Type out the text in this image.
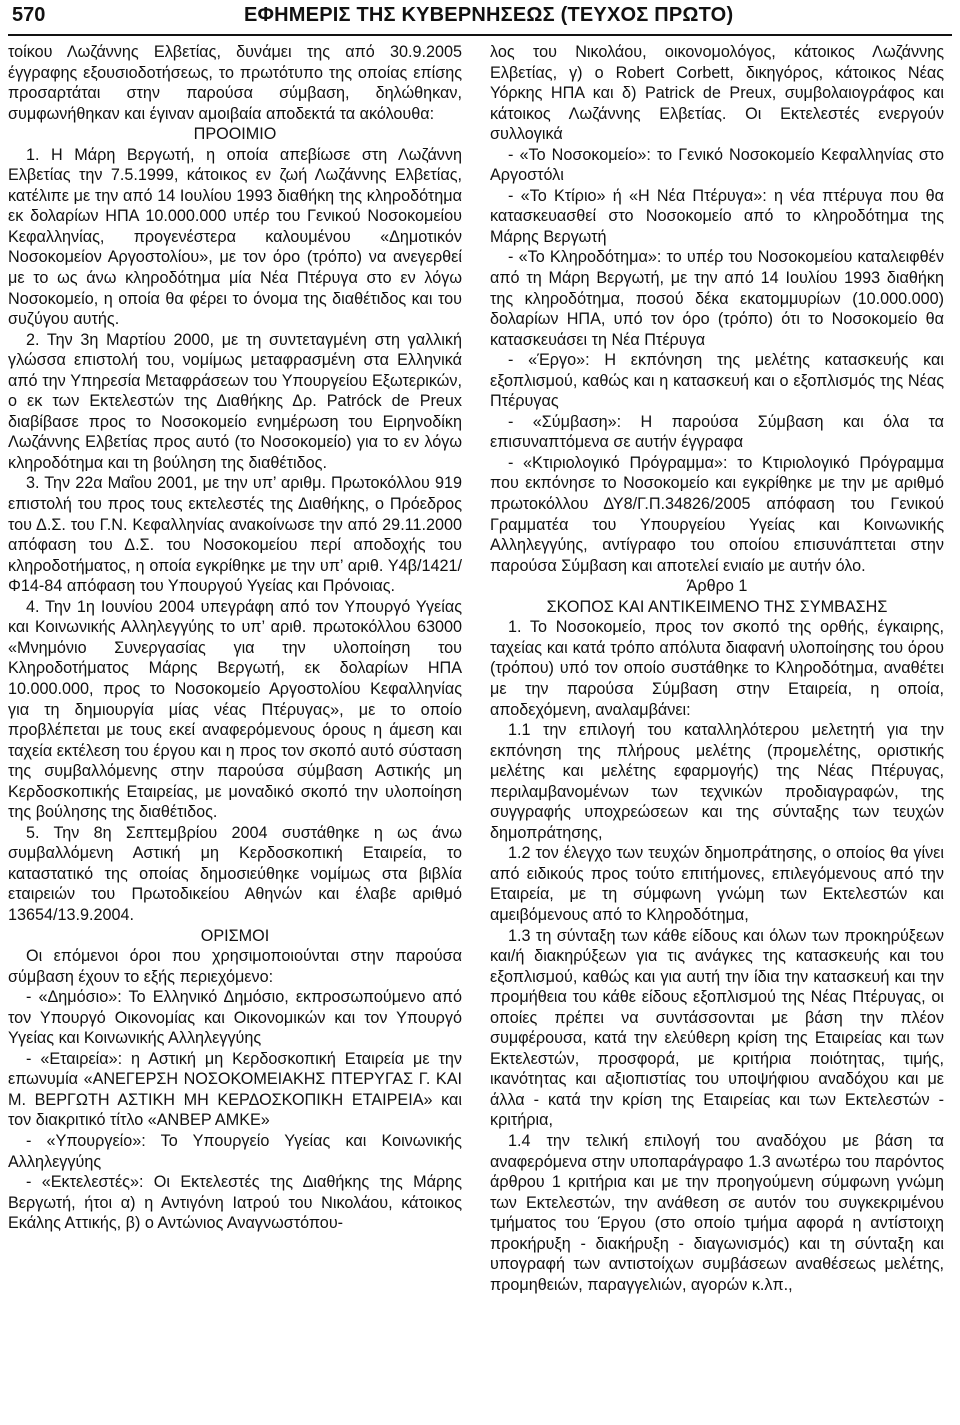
570	ΕΦΗΜΕΡΙΣ ΤΗΣ ΚΥΒΕΡΝΗΣΕΩΣ (ΤΕΥΧΟΣ ΠΡΩΤΟ)

τοίκου Λωζάννης Ελβετίας, δυνάμει της από 30.9.2005 έγγραφης εξουσιοδοτήσεως, το πρωτότυπο της οποίας επίσης προσαρτάται στην παρούσα σύμβαση, δηλώθηκαν, συμφωνήθηκαν και έγιναν αμοιβαία αποδεκτά τα ακόλουθα:

ΠΡΟΟΙΜΙΟ

1. Η Μάρη Βεργωτή, η οποία απεβίωσε στη Λωζάννη Ελβετίας την 7.5.1999, κάτοικος εν ζωή Λωζάννης Ελβετίας, κατέλιπε με την από 14 Ιουλίου 1993 διαθήκη της κληροδότημα εκ δολαρίων ΗΠΑ 10.000.000 υπέρ του Γενικού Νοσοκομείου Κεφαλληνίας, προγενέστερα καλουμένου «Δημοτικόν Νοσοκομείον Αργοστολίου», με τον όρο (τρόπο) να ανεγερθεί με το ως άνω κληροδότημα μία Νέα Πτέρυγα στο εν λόγω Νοσοκομείο, η οποία θα φέρει το όνομα της διαθέτιδος και του συζύγου αυτής.

2. Την 3η Μαρτίου 2000, με τη συντεταγμένη στη γαλλική γλώσσα επιστολή του, νομίμως μεταφρασμένη στα Ελληνικά από την Υπηρεσία Μεταφράσεων του Υπουργείου Εξωτερικών, ο εκ των Εκτελεστών της Διαθήκης Δρ. Patróck de Preux διαβίβασε προς το Νοσοκομείο ενημέρωση του Ειρηνοδίκη Λωζάννης Ελβετίας προς αυτό (το Νοσοκομείο) για το εν λόγω κληροδότημα και τη βούληση της διαθέτιδος.

3. Την 22α Μαΐου 2001, με την υπ’ αριθμ. Πρωτοκόλλου 919 επιστολή του προς τους εκτελεστές της Διαθήκης, ο Πρόεδρος του Δ.Σ. του Γ.Ν. Κεφαλληνίας ανακοίνωσε την από 29.11.2000 απόφαση του Δ.Σ. του Νοσοκομείου περί αποδοχής του κληροδοτήματος, η οποία εγκρίθηκε με την υπ’ αριθ. Υ4β/1421/Φ14-84 απόφαση του Υπουργού Υγείας και Πρόνοιας.

4. Την 1η Ιουνίου 2004 υπεγράφη από τον Υπουργό Υγείας και Κοινωνικής Αλληλεγγύης το υπ’ αριθ. πρωτοκόλλου 63000 «Μνημόνιο Συνεργασίας για την υλοποίηση του Κληροδοτήματος Μάρης Βεργωτή, εκ δολαρίων ΗΠΑ 10.000.000, προς το Νοσοκομείο Αργοστολίου Κεφαλληνίας για τη δημιουργία μίας νέας Πτέρυγας», με το οποίο προβλέπεται με τους εκεί αναφερόμενους όρους η άμεση και ταχεία εκτέλεση του έργου και η προς τον σκοπό αυτό σύσταση της συμβαλλόμενης στην παρούσα σύμβαση Αστικής μη Κερδοσκοπικής Εταιρείας, με μοναδικό σκοπό την υλοποίηση της βούλησης της διαθέτιδος.

5. Την 8η Σεπτεμβρίου 2004 συστάθηκε η ως άνω συμβαλλόμενη Αστική μη Κερδοσκοπική Εταιρεία, το καταστατικό της οποίας δημοσιεύθηκε νομίμως στα βιβλία εταιρειών του Πρωτοδικείου Αθηνών και έλαβε αριθμό 13654/13.9.2004.

ΟΡΙΣΜΟΙ

Οι επόμενοι όροι που χρησιμοποιούνται στην παρούσα σύμβαση έχουν το εξής περιεχόμενο:

- «Δημόσιο»: Το Ελληνικό Δημόσιο, εκπροσωπούμενο από τον Υπουργό Οικονομίας και Οικονομικών και τον Υπουργό Υγείας και Κοινωνικής Αλληλεγγύης

- «Εταιρεία»: η Αστική μη Κερδοσκοπική Εταιρεία με την επωνυμία «ΑΝΕΓΕΡΣΗ ΝΟΣΟΚΟΜΕΙΑΚΗΣ ΠΤΕΡΥΓΑΣ Γ. ΚΑΙ Μ. ΒΕΡΓΩΤΗ ΑΣΤΙΚΗ ΜΗ ΚΕΡΔΟΣΚΟΠΙΚΗ ΕΤΑΙΡΕΙΑ» και τον διακριτικό τίτλο «ΑΝΒΕΡ ΑΜΚΕ»

- «Υπουργείο»: Το Υπουργείο Υγείας και Κοινωνικής Αλληλεγγύης

- «Εκτελεστές»: Οι Εκτελεστές της Διαθήκης της Μάρης Βεργωτή, ήτοι α) η Αντιγόνη Ιατρού του Νικολάου, κάτοικος Εκάλης Αττικής, β) ο Αντώνιος Αναγνωστόπου-

λος του Νικολάου, οικονομολόγος, κάτοικος Λωζάννης Ελβετίας, γ) ο Robert Corbett, δικηγόρος, κάτοικος Νέας Υόρκης ΗΠΑ και δ) Patrick de Preux, συμβολαιογράφος και κάτοικος Λωζάννης Ελβετίας. Οι Εκτελεστές ενεργούν συλλογικά

- «Το Νοσοκομείο»: το Γενικό Νοσοκομείο Κεφαλληνίας στο Αργοστόλι

- «Το Κτίριο» ή «Η Νέα Πτέρυγα»: η νέα πτέρυγα που θα κατασκευασθεί στο Νοσοκομείο από το κληροδότημα της Μάρης Βεργωτή

- «Το Κληροδότημα»: το υπέρ του Νοσοκομείου καταλειφθέν από τη Μάρη Βεργωτή, με την από 14 Ιουλίου 1993 διαθήκη της κληροδότημα, ποσού δέκα εκατομμυρίων (10.000.000) δολαρίων ΗΠΑ, υπό τον όρο (τρόπο) ότι το Νοσοκομείο θα κατασκευάσει τη Νέα Πτέρυγα

- «Έργο»: Η εκπόνηση της μελέτης κατασκευής και εξοπλισμού, καθώς και η κατασκευή και ο εξοπλισμός της Νέας Πτέρυγας

- «Σύμβαση»: Η παρούσα Σύμβαση και όλα τα επισυναπτόμενα σε αυτήν έγγραφα

- «Κτιριολογικό Πρόγραμμα»: το Κτιριολογικό Πρόγραμμα που εκπόνησε το Νοσοκομείο και εγκρίθηκε με την με αριθμό πρωτοκόλλου ΔΥ8/Γ.Π.34826/2005 απόφαση του Γενικού Γραμματέα του Υπουργείου Υγείας και Κοινωνικής Αλληλεγγύης, αντίγραφο του οποίου επισυνάπτεται στην παρούσα Σύμβαση και αποτελεί ενιαίο με αυτήν όλο.

Άρθρο 1

ΣΚΟΠΟΣ ΚΑΙ ΑΝΤΙΚΕΙΜΕΝΟ ΤΗΣ ΣΥΜΒΑΣΗΣ

1. Το Νοσοκομείο, προς τον σκοπό της ορθής, έγκαιρης, ταχείας και κατά τρόπο απόλυτα διαφανή υλοποίησης του όρου (τρόπου) υπό τον οποίο συστάθηκε το Κληροδότημα, αναθέτει με την παρούσα Σύμβαση στην Εταιρεία, η οποία, αποδεχόμενη, αναλαμβάνει:

1.1 την επιλογή του καταλληλότερου μελετητή για την εκπόνηση της πλήρους μελέτης (προμελέτης, οριστικής μελέτης και μελέτης εφαρμογής) της Νέας Πτέρυγας, περιλαμβανομένων των τεχνικών προδιαγραφών, της συγγραφής υποχρεώσεων και της σύνταξης των τευχών δημοπράτησης,

1.2 τον έλεγχο των τευχών δημοπράτησης, ο οποίος θα γίνει από ειδικούς προς τούτο επιτήμονες, επιλεγόμενους από την Εταιρεία, με τη σύμφωνη γνώμη των Εκτελεστών και αμειβόμενους από το Κληροδότημα,

1.3 τη σύνταξη των κάθε είδους και όλων των προκηρύξεων και/ή διακηρύξεων για τις ανάγκες της κατασκευής και του εξοπλισμού, καθώς και για αυτή την ίδια την κατασκευή και την προμήθεια του κάθε είδους εξοπλισμού της Νέας Πτέρυγας, οι οποίες πρέπει να συντάσσονται με βάση την πλέον συμφέρουσα, κατά την ελεύθερη κρίση της Εταιρείας και των Εκτελεστών, προσφορά, με κριτήρια ποιότητας, τιμής, ικανότητας και αξιοπιστίας του υποψήφιου αναδόχου και με άλλα - κατά την κρίση της Εταιρείας και των Εκτελεστών - κριτήρια,

1.4 την τελική επιλογή του αναδόχου με βάση τα αναφερόμενα στην υποπαράγραφο 1.3 ανωτέρω του παρόντος άρθρου 1 κριτήρια και με την προηγούμενη σύμφωνη γνώμη των Εκτελεστών, την ανάθεση σε αυτόν του συγκεκριμένου τμήματος του Έργου (στο οποίο τμήμα αφορά η αντίστοιχη προκήρυξη - διακήρυξη - διαγωνισμός) και τη σύνταξη και υπογραφή των αντιστοίχων συμβάσεων αναθέσεως μελέτης, προμηθειών, παραγγελιών, αγορών κ.λπ.,
